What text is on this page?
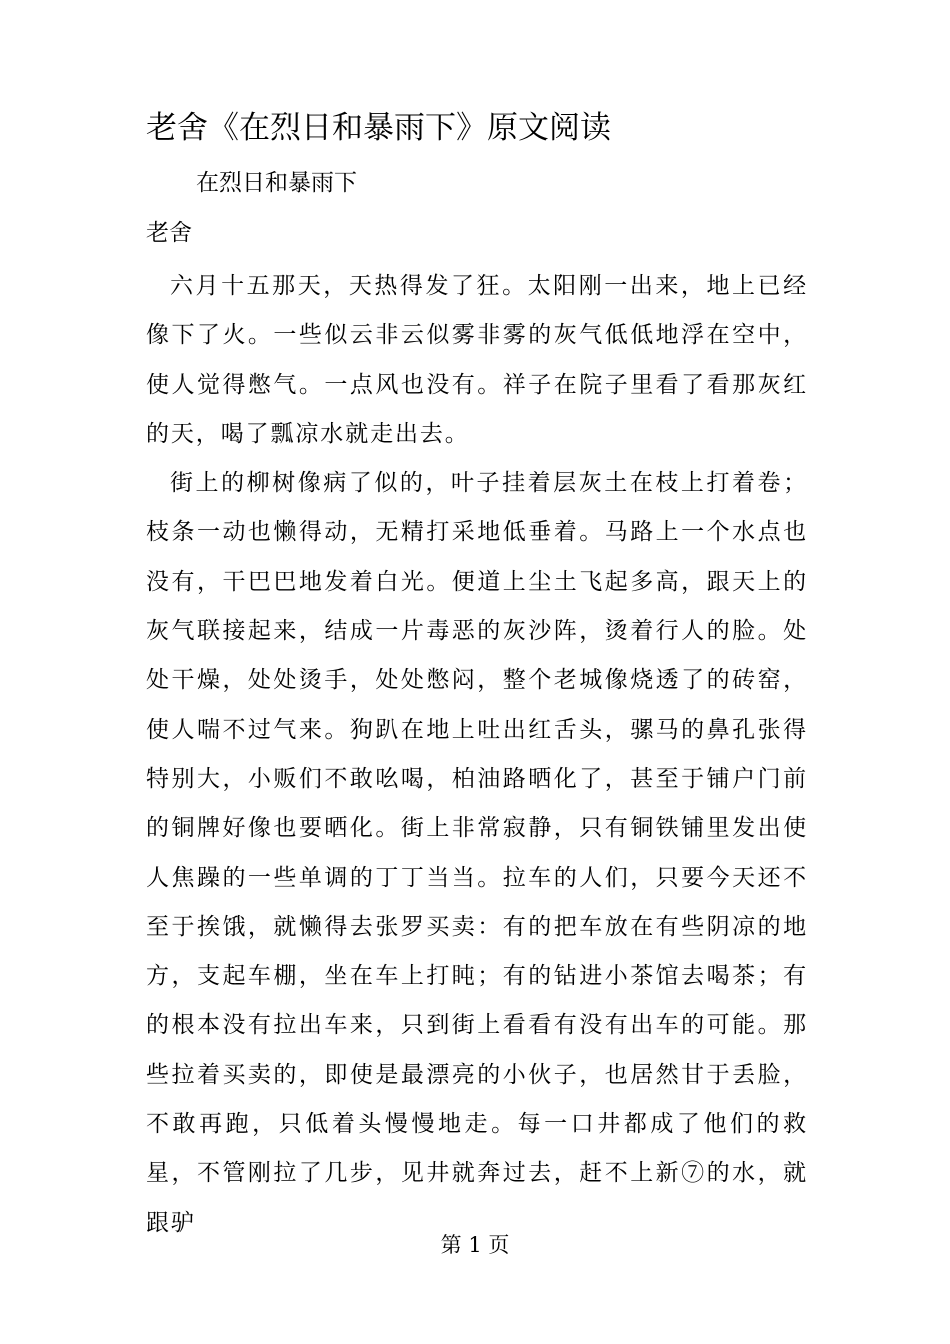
老舍《在烈日和暴雨下》原文阅读
在烈日和暴雨下
老舍

六月十五那天，天热得发了狂。太阳刚一出来，地上已经像下了火。一些似云非云似雾非雾的灰气低低地浮在空中，使人觉得憋气。一点风也没有。祥子在院子里看了看那灰红的天，喝了瓢凉水就走出去。

街上的柳树像病了似的，叶子挂着层灰土在枝上打着卷；枝条一动也懒得动，无精打采地低垂着。马路上一个水点也没有，干巴巴地发着白光。便道上尘土飞起多高，跟天上的灰气联接起来，结成一片毒恶的灰沙阵，烫着行人的脸。处处干燥，处处烫手，处处憋闷，整个老城像烧透了的砖窑，使人喘不过气来。狗趴在地上吐出红舌头，骡马的鼻孔张得特别大，小贩们不敢吆喝，柏油路晒化了，甚至于铺户门前的铜牌好像也要晒化。街上非常寂静，只有铜铁铺里发出使人焦躁的一些单调的丁丁当当。拉车的人们，只要今天还不至于挨饿，就懒得去张罗买卖：有的把车放在有些阴凉的地方，支起车棚，坐在车上打盹；有的钻进小茶馆去喝茶；有的根本没有拉出车来，只到街上看看有没有出车的可能。那些拉着买卖的，即使是最漂亮的小伙子，也居然甘于丢脸，不敢再跑，只低着头慢慢地走。每一口井都成了他们的救星，不管刚拉了几步，见井就奔过去，赶不上新⑦的水，就跟驴

第 1 页
